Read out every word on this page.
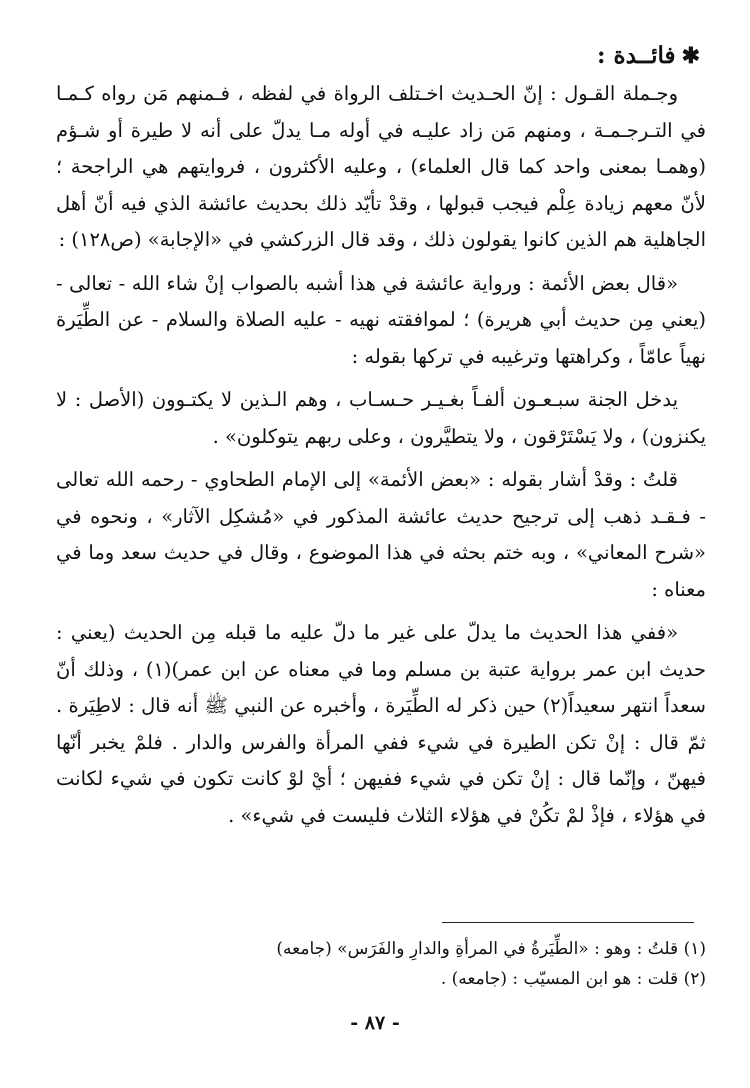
✱فائــدة :

وجـملة القـول : إنّ الحـديث اخـتلف الرواة في لفظه ، فـمنهم مَن رواه كـمـا في التـرجـمـة ، ومنهم مَن زاد عليـه في أوله مـا يدلّ على أنه لا طيرة أو شـؤم (وهمـا بمعنى واحد كما قال العلماء) ، وعليه الأكثرون ، فروايتهم هي الراجحة ؛ لأنّ معهم زيادة عِلْم فيجب قبولها ، وقدْ تأيّد ذلك بحديث عائشة الذي فيه أنّ أهل الجاهلية هم الذين كانوا يقولون ذلك ، وقد قال الزركشي في «الإجابة» (ص١٢٨) :

«قال بعض الأئمة : ورواية عائشة في هذا أشبه بالصواب إنْ شاء الله - تعالى - (يعني مِن حديث أبي هريرة) ؛ لموافقته نهيه - عليه الصلاة والسلام - عن الطِّيَرة نهياً عامّاً ، وكراهتها وترغيبه في تركها بقوله :

يدخل الجنة سبـعـون ألفـاً بغـيـر حـسـاب ، وهم الـذين لا يكتـوون (الأصل : لا يكنزون) ، ولا يَسْتَرْقون ، ولا يتطيَّرون ، وعلى ربهم يتوكلون» .

قلتُ : وقدْ أشار بقوله : «بعض الأئمة» إلى الإمام الطحاوي - رحمه الله تعالى - فـقـد ذهب إلى ترجيح حديث عائشة المذكور في «مُشكِل الآثار» ، ونحوه في «شرح المعاني» ، وبه ختم بحثه في هذا الموضوع ، وقال في حديث سعد وما في معناه :

«ففي هذا الحديث ما يدلّ على غير ما دلّ عليه ما قبله مِن الحديث (يعني : حديث ابن عمر برواية عتبة بن مسلم وما في معناه عن ابن عمر)(١) ، وذلك أنّ سعداً انتهر سعيداً(٢) حين ذكر له الطِّيَرة ، وأخبره عن النبي ﷺ أنه قال : لاطِيَرة . ثمّ قال : إنْ تكن الطيرة في شيء ففي المرأة والفرس والدار . فلمْ يخبر أنّها فيهنّ ، وإنّما قال : إنْ تكن في شيء ففيهن ؛ أيْ لوْ كانت تكون في شيء لكانت في هؤلاء ، فإذْ لمْ تكُنْ في هؤلاء الثلاث فليست في شيء» .

(١) قلتُ : وهو : «الطِّيَرةُ في المرأةِ والدارِ والفَرَس» (جامعه)

(٢) قلت : هو ابن المسيّب : (جامعه) .

- ٨٧ -
